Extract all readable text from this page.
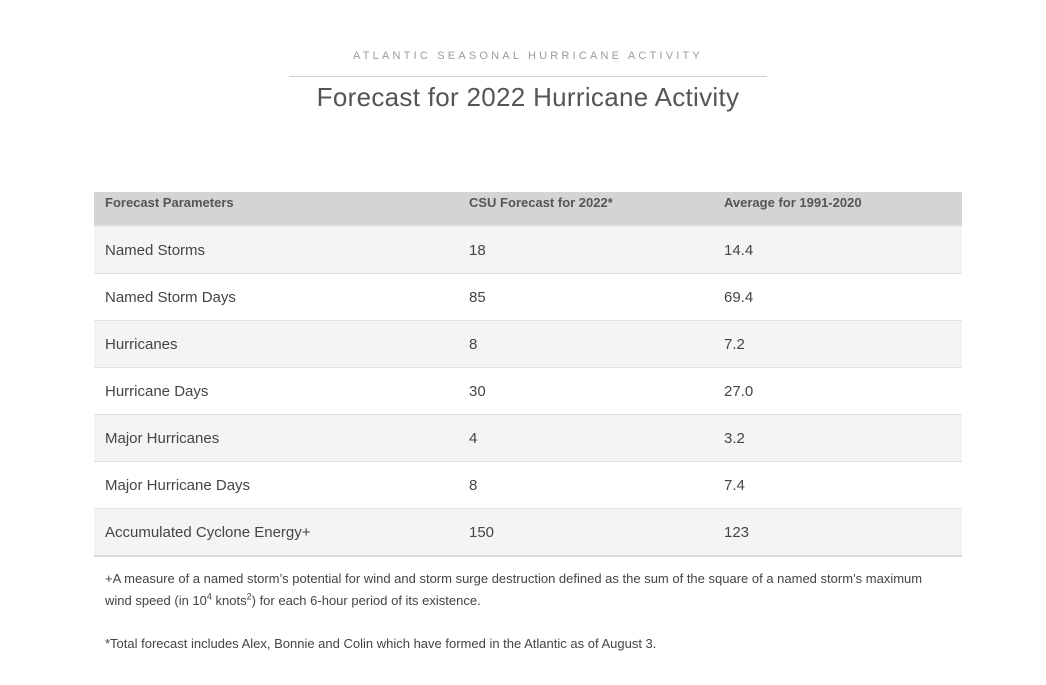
ATLANTIC SEASONAL HURRICANE ACTIVITY
Forecast for 2022 Hurricane Activity
Forecast Parameters	CSU Forecast for 2022*	Average for 1991-2020
Named Storms	18	14.4
Named Storm Days	85	69.4
Hurricanes	8	7.2
Hurricane Days	30	27.0
Major Hurricanes	4	3.2
Major Hurricane Days	8	7.4
Accumulated Cyclone Energy+	150	123
+A measure of a named storm’s potential for wind and storm surge destruction defined as the sum of the square of a named storm’s maximum wind speed (in $10^4$ knots$^2$) for each 6-hour period of its existence.
*Total forecast includes Alex, Bonnie and Colin which have formed in the Atlantic as of August 3.
